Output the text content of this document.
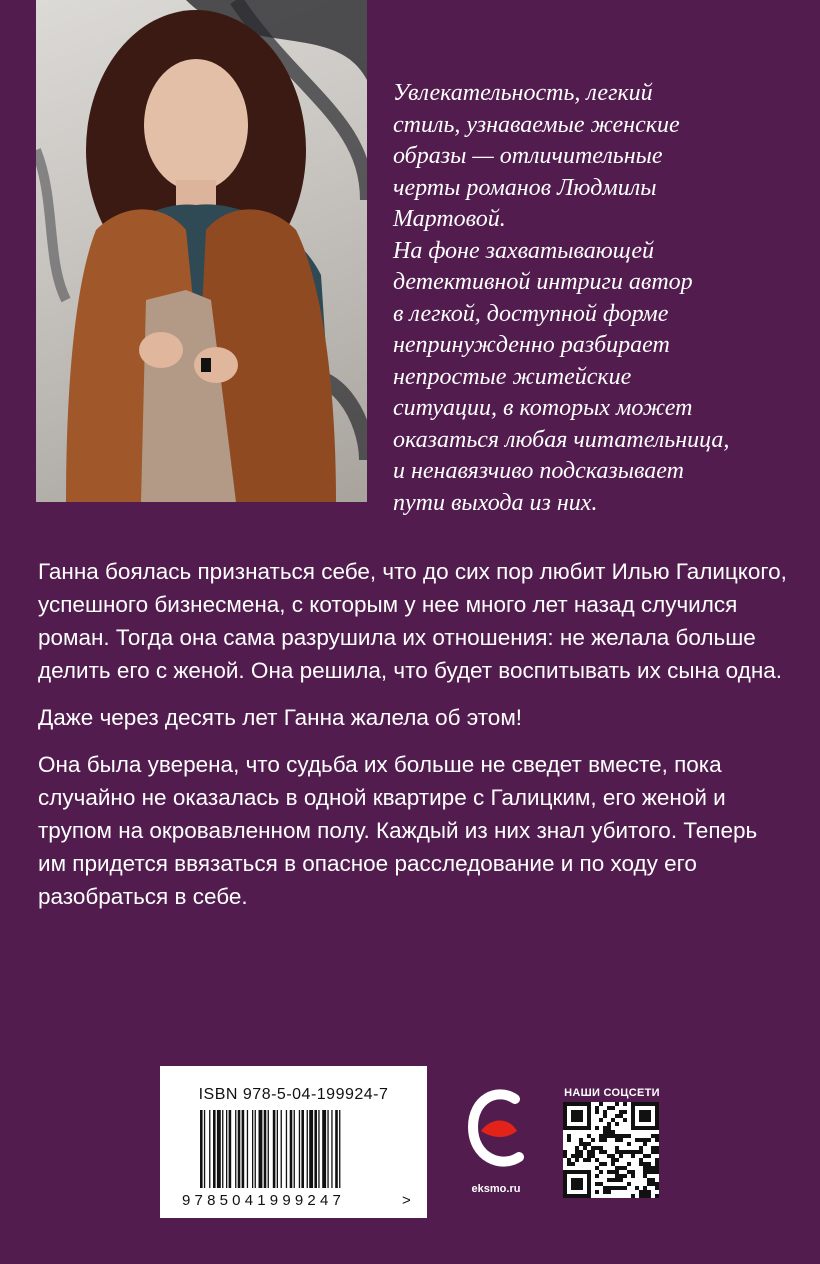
Увлекательность, легкий

стиль, узнаваемые женские

образы — отличительные

черты романов Людмилы

Мартовой.

На фоне захватывающей

детективной интриги автор

в легкой, доступной форме

непринужденно разбирает

непростые житейские

ситуации, в которых может

оказаться любая читательница,

и ненавязчиво подсказывает

пути выхода из них.

Ганна боялась признаться себе, что до сих пор любит Илью Галицкого, успешного бизнесмена, с которым у нее много лет назад случился роман. Тогда она сама разрушила их отношения: не желала больше делить его с женой. Она решила, что будет воспитывать их сына одна.

Даже через десять лет Ганна жалела об этом!

Она была уверена, что судьба их больше не сведет вместе, пока случайно не оказалась в одной квартире с Галицким, его женой и трупом на окровавленном полу. Каждый из них знал убитого. Теперь им придется ввязаться в опасное расследование и по ходу его разобраться в себе.

ISBN 978-5-04-199924-7
9785041999247	>
eksmo.ru
НАШИ СОЦСЕТИ
